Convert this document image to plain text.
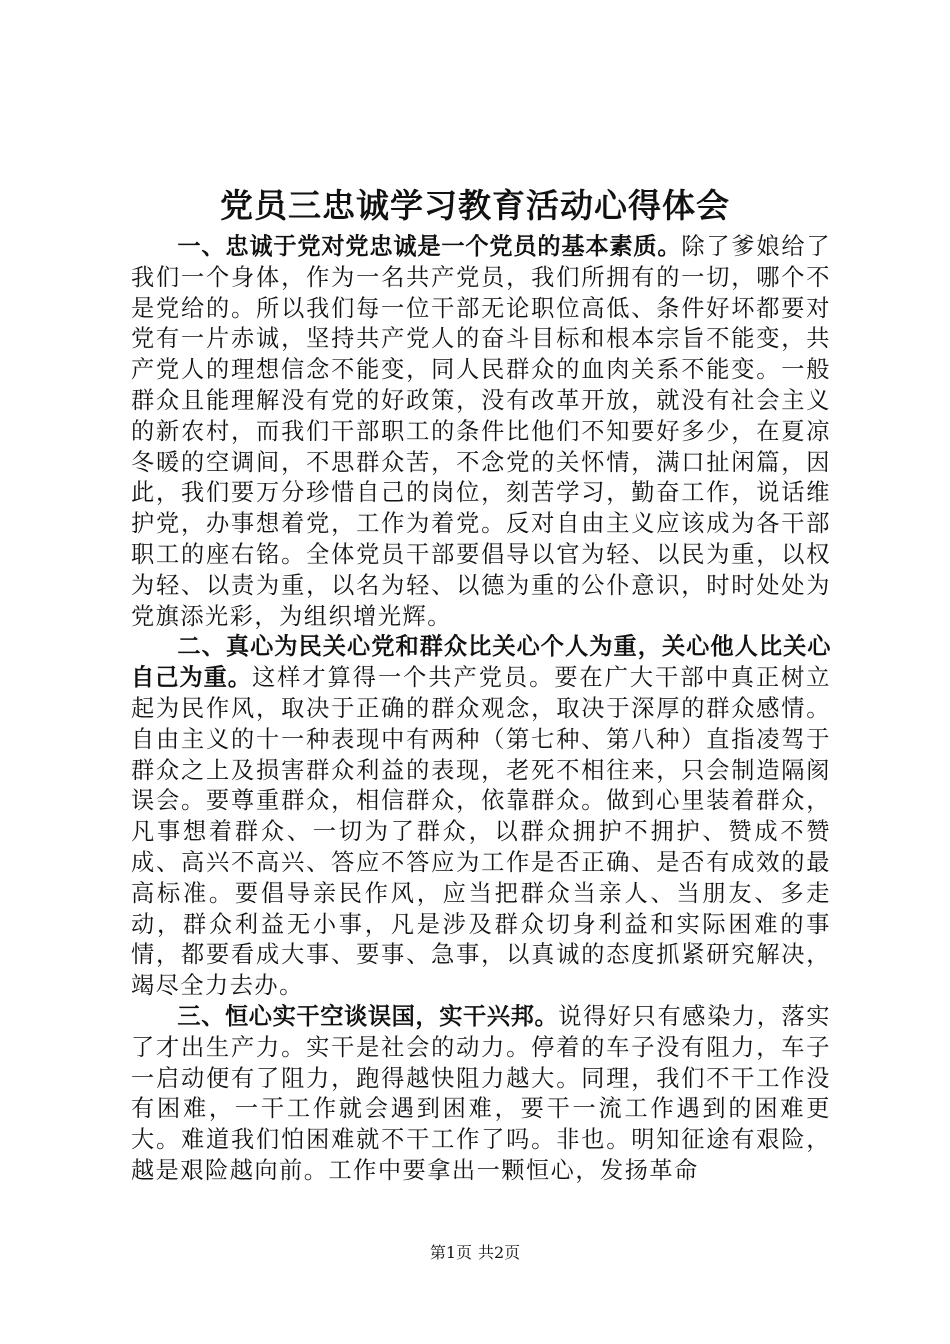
党员三忠诚学习教育活动心得体会

一、忠诚于党对党忠诚是一个党员的基本素质。除了爹娘给了我们一个身体，作为一名共产党员，我们所拥有的一切，哪个不是党给的。所以我们每一位干部无论职位高低、条件好坏都要对党有一片赤诚，坚持共产党人的奋斗目标和根本宗旨不能变，共产党人的理想信念不能变，同人民群众的血肉关系不能变。一般群众且能理解没有党的好政策，没有改革开放，就没有社会主义的新农村，而我们干部职工的条件比他们不知要好多少，在夏凉冬暖的空调间，不思群众苦，不念党的关怀情，满口扯闲篇，因此，我们要万分珍惜自己的岗位，刻苦学习，勤奋工作，说话维护党，办事想着党，工作为着党。反对自由主义应该成为各干部职工的座右铭。全体党员干部要倡导以官为轻、以民为重，以权为轻、以责为重，以名为轻、以德为重的公仆意识，时时处处为党旗添光彩，为组织增光辉。

二、真心为民关心党和群众比关心个人为重，关心他人比关心自己为重。这样才算得一个共产党员。要在广大干部中真正树立起为民作风，取决于正确的群众观念，取决于深厚的群众感情。自由主义的十一种表现中有两种（第七种、第八种）直指凌驾于群众之上及损害群众利益的表现，老死不相往来，只会制造隔阂误会。要尊重群众，相信群众，依靠群众。做到心里装着群众，凡事想着群众、一切为了群众，以群众拥护不拥护、赞成不赞成、高兴不高兴、答应不答应为工作是否正确、是否有成效的最高标准。要倡导亲民作风，应当把群众当亲人、当朋友、多走动，群众利益无小事，凡是涉及群众切身利益和实际困难的事情，都要看成大事、要事、急事，以真诚的态度抓紧研究解决，竭尽全力去办。

三、恒心实干空谈误国，实干兴邦。说得好只有感染力，落实了才出生产力。实干是社会的动力。停着的车子没有阻力，车子一启动便有了阻力，跑得越快阻力越大。同理，我们不干工作没有困难，一干工作就会遇到困难，要干一流工作遇到的困难更大。难道我们怕困难就不干工作了吗。非也。明知征途有艰险，越是艰险越向前。工作中要拿出一颗恒心，发扬革命

第1页 共2页
